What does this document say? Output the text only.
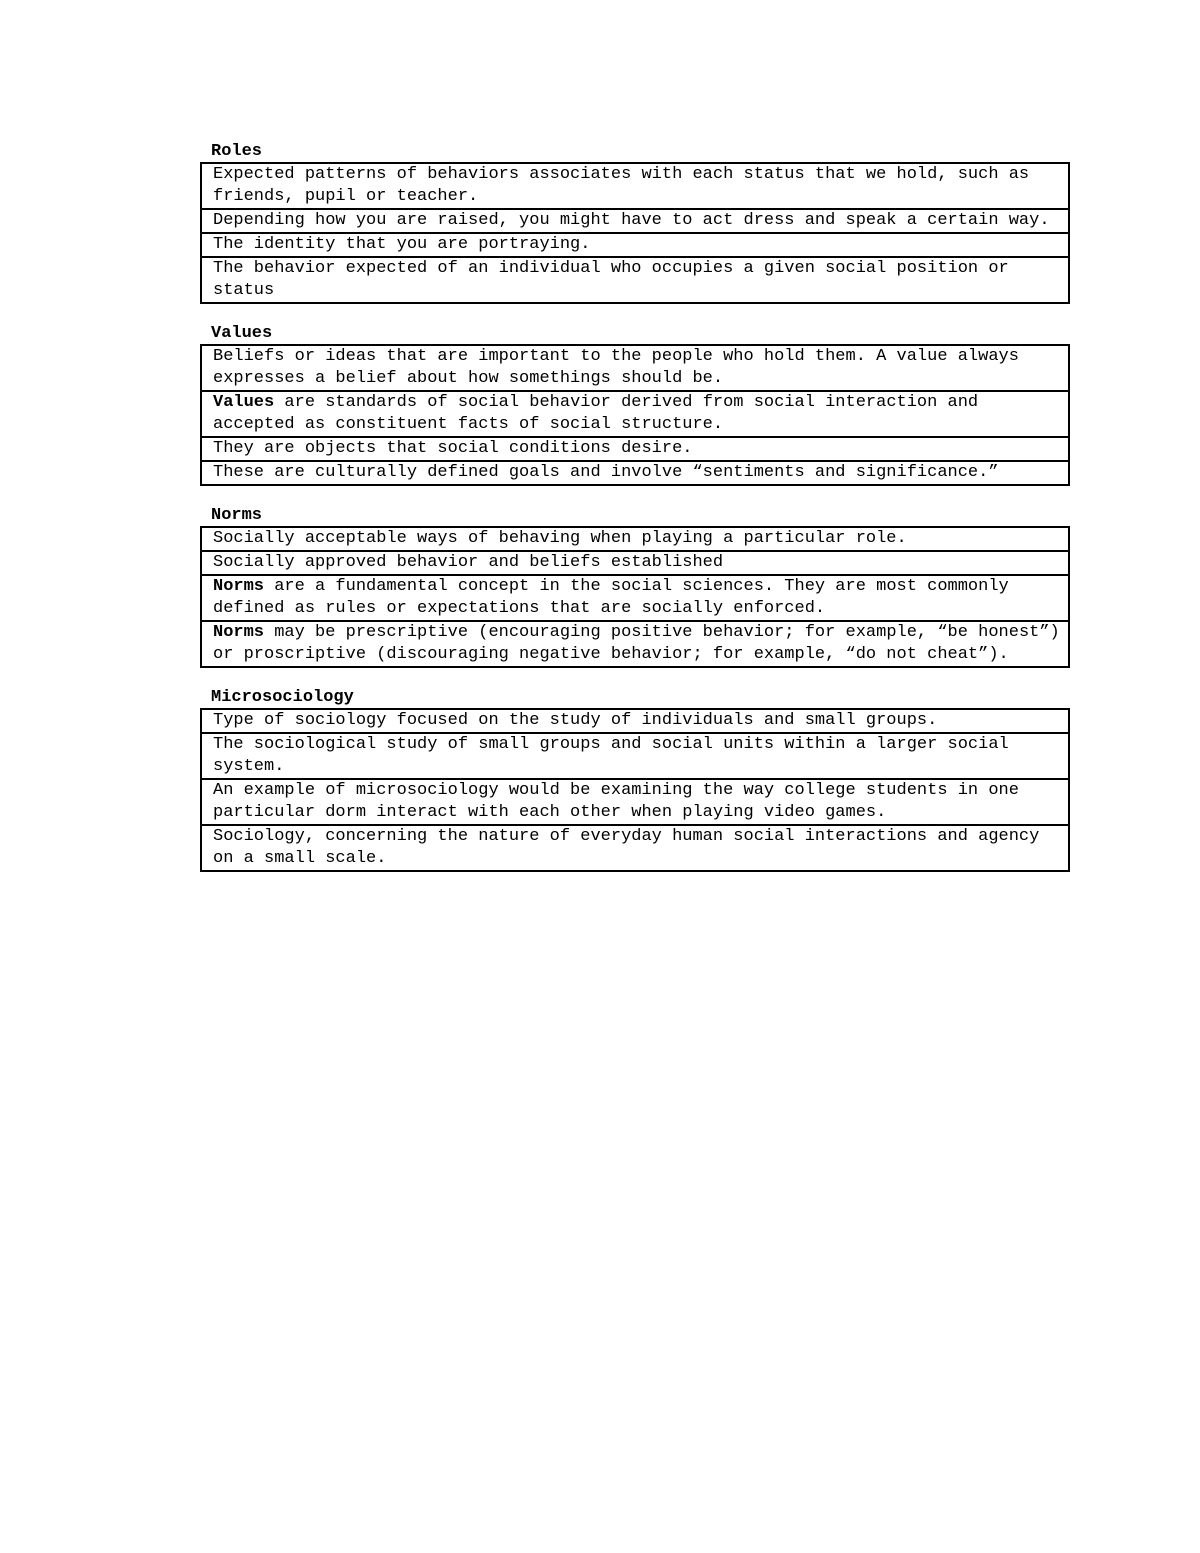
Roles
Expected patterns of behaviors associates with each status that we hold, such as friends, pupil or teacher.
Depending how you are raised, you might have to act dress and speak a certain way.
The identity that you are portraying.
The behavior expected of an individual who occupies a given social position or status
Values
Beliefs or ideas that are important to the people who hold them. A value always expresses a belief about how somethings should be.
Values are standards of social behavior derived from social interaction and accepted as constituent facts of social structure.
They are objects that social conditions desire.
These are culturally defined goals and involve “sentiments and significance.”
Norms
Socially acceptable ways of behaving when playing a particular role.
Socially approved behavior and beliefs established
Norms are a fundamental concept in the social sciences. They are most commonly defined as rules or expectations that are socially enforced.
Norms may be prescriptive (encouraging positive behavior; for example, “be honest”) or proscriptive (discouraging negative behavior; for example, “do not cheat”).
Microsociology
Type of sociology focused on the study of individuals and small groups.
The sociological study of small groups and social units within a larger social system.
An example of microsociology would be examining the way college students in one particular dorm interact with each other when playing video games.
Sociology, concerning the nature of everyday human social interactions and agency on a small scale.
